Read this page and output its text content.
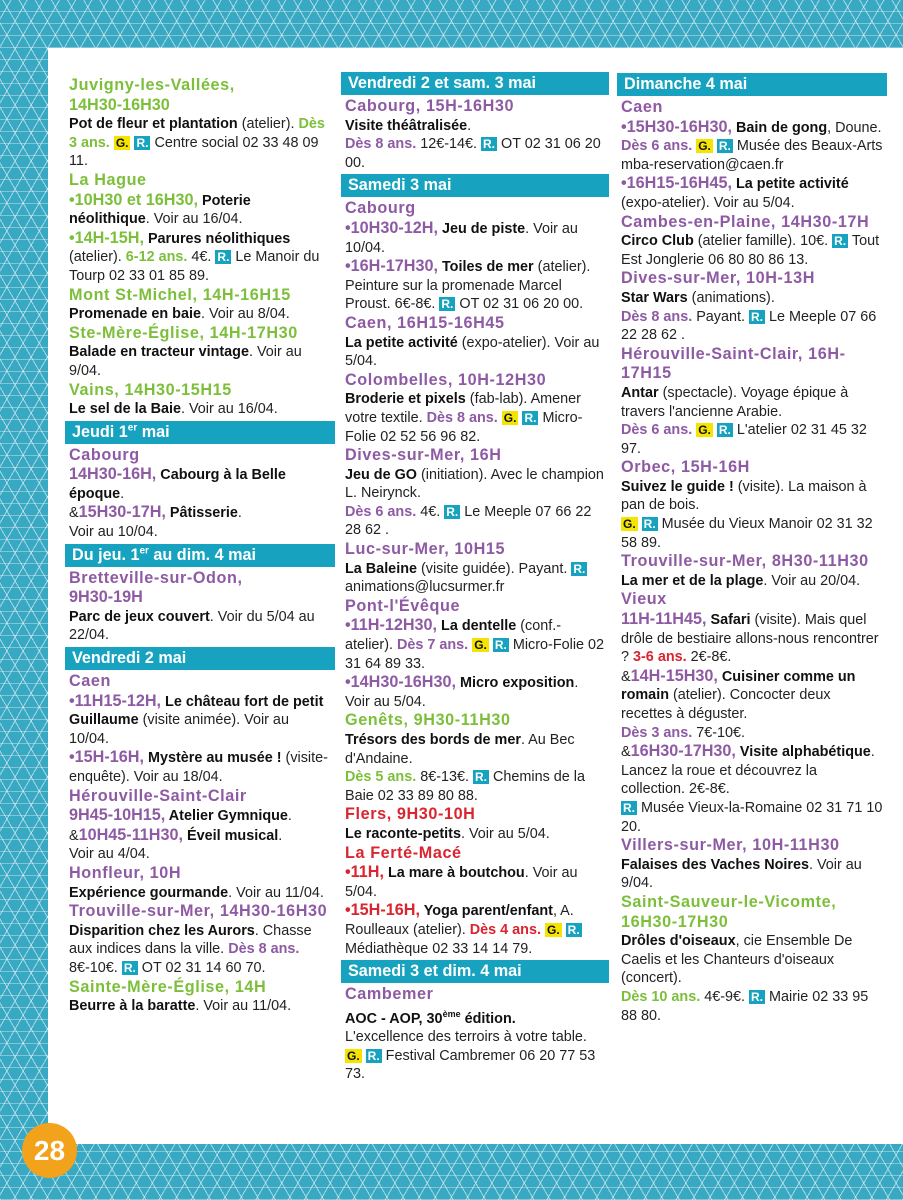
Juvigny-les-Vallées,
14H30-16H30
Pot de fleur et plantation (atelier). Dès 3 ans. G. R. Centre social 02 33 48 09 11.

La Hague
•10H30 et 16H30, Poterie néolithique. Voir au 16/04.
•14H-15H, Parures néolithiques (atelier). 6-12 ans. 4€. R. Le Manoir du Tourp 02 33 01 85 89.

Mont St-Michel, 14H-16H15
Promenade en baie. Voir au 8/04.

Ste-Mère-Église, 14H-17H30
Balade en tracteur vintage. Voir au 9/04.

Vains, 14H30-15H15
Le sel de la Baie. Voir au 16/04.

Jeudi 1er mai

Cabourg
14H30-16H, Cabourg à la Belle époque.
&15H30-17H, Pâtisserie.
Voir au 10/04.

Du jeu. 1er au dim. 4 mai

Bretteville-sur-Odon,
9H30-19H
Parc de jeux couvert. Voir du 5/04 au 22/04.

Vendredi 2 mai

Caen
•11H15-12H, Le château fort de petit Guillaume (visite animée). Voir au 10/04.
•15H-16H, Mystère au musée ! (visite-enquête). Voir au 18/04.

Hérouville-Saint-Clair
9H45-10H15, Atelier Gymnique.
&10H45-11H30, Éveil musical.
Voir au 4/04.

Honfleur, 10H
Expérience gourmande. Voir au 11/04.

Trouville-sur-Mer, 14H30-16H30
Disparition chez les Aurors. Chasse aux indices dans la ville. Dès 8 ans. 8€-10€. R. OT 02 31 14 60 70.

Sainte-Mère-Église, 14H
Beurre à la baratte. Voir au 11/04.

Vendredi 2 et sam. 3 mai

Cabourg, 15H-16H30
Visite théâtralisée.
Dès 8 ans. 12€-14€. R. OT 02 31 06 20 00.

Samedi 3 mai

Cabourg
•10H30-12H, Jeu de piste. Voir au 10/04.
•16H-17H30, Toiles de mer (atelier). Peinture sur la promenade Marcel Proust. 6€-8€. R. OT 02 31 06 20 00.

Caen, 16H15-16H45
La petite activité (expo-atelier). Voir au 5/04.

Colombelles, 10H-12H30
Broderie et pixels (fab-lab). Amener votre textile. Dès 8 ans. G. R. Micro-Folie 02 52 56 96 82.

Dives-sur-Mer, 16H
Jeu de GO (initiation). Avec le champion L. Neirynck.
Dès 6 ans. 4€. R. Le Meeple 07 66 22 28 62 .

Luc-sur-Mer, 10H15
La Baleine (visite guidée). Payant. R. animations@lucsurmer.fr

Pont-l'Évêque
•11H-12H30, La dentelle (conf.-atelier). Dès 7 ans. G. R. Micro-Folie 02 31 64 89 33.
•14H30-16H30, Micro exposition. Voir au 5/04.

Genêts, 9H30-11H30
Trésors des bords de mer. Au Bec d'Andaine.
Dès 5 ans. 8€-13€. R. Chemins de la Baie 02 33 89 80 88.

Flers, 9H30-10H
Le raconte-petits. Voir au 5/04.

La Ferté-Macé
•11H, La mare à boutchou. Voir au 5/04.
•15H-16H, Yoga parent/enfant, A. Roulleaux (atelier). Dès 4 ans. G. R. Médiathèque 02 33 14 14 79.

Samedi 3 et dim. 4 mai

Cambemer
AOC - AOP, 30ème édition.
L'excellence des terroirs à votre table.
G. R. Festival Cambremer 06 20 77 53 73.

Dimanche 4 mai

Caen
•15H30-16H30, Bain de gong, Doune. Dès 6 ans. G. R. Musée des Beaux-Arts mba-reservation@caen.fr
•16H15-16H45, La petite activité (expo-atelier). Voir au 5/04.

Cambes-en-Plaine, 14H30-17H
Circo Club (atelier famille). 10€. R. Tout Est Jonglerie 06 80 80 86 13.

Dives-sur-Mer, 10H-13H
Star Wars (animations).
Dès 8 ans. Payant. R. Le Meeple 07 66 22 28 62 .

Hérouville-Saint-Clair, 16H-17H15
Antar (spectacle). Voyage épique à travers l'ancienne Arabie.
Dès 6 ans. G. R. L'atelier 02 31 45 32 97.

Orbec, 15H-16H
Suivez le guide ! (visite). La maison à pan de bois.
G. R. Musée du Vieux Manoir 02 31 32 58 89.

Trouville-sur-Mer, 8H30-11H30
La mer et de la plage. Voir au 20/04.

Vieux
11H-11H45, Safari (visite). Mais quel drôle de bestiaire allons-nous rencontrer ? 3-6 ans. 2€-8€.
&14H-15H30, Cuisiner comme un romain (atelier). Concocter deux recettes à déguster.
Dès 3 ans. 7€-10€.
&16H30-17H30, Visite alphabétique. Lancez la roue et découvrez la collection. 2€-8€.
R. Musée Vieux-la-Romaine 02 31 71 10 20.

Villers-sur-Mer, 10H-11H30
Falaises des Vaches Noires. Voir au 9/04.

Saint-Sauveur-le-Vicomte, 16H30-17H30
Drôles d'oiseaux, cie Ensemble De Caelis et les Chanteurs d'oiseaux (concert).
Dès 10 ans. 4€-9€. R. Mairie 02 33 95 88 80.

28
